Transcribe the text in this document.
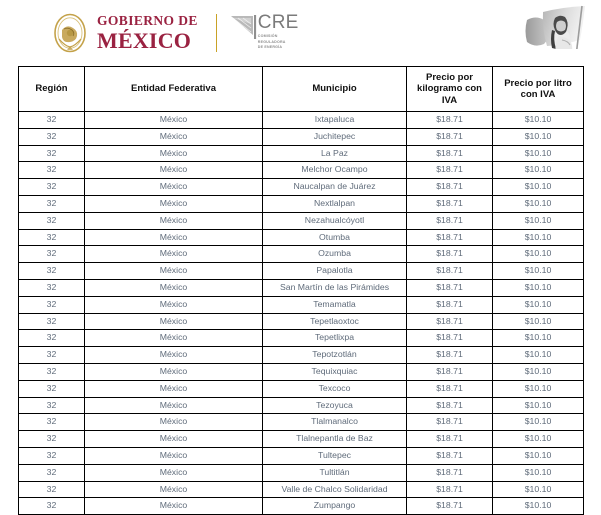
GOBIERNO DE
MÉXICO
CRE
COMISIÓN
REGULADORA
DE ENERGÍA
Región	Entidad Federativa	Municipio	Precio por kilogramo con IVA	Precio por litro con IVA
32	México	Ixtapaluca	$18.71	$10.10
32	México	Juchitepec	$18.71	$10.10
32	México	La Paz	$18.71	$10.10
32	México	Melchor Ocampo	$18.71	$10.10
32	México	Naucalpan de Juárez	$18.71	$10.10
32	México	Nextlalpan	$18.71	$10.10
32	México	Nezahualcóyotl	$18.71	$10.10
32	México	Otumba	$18.71	$10.10
32	México	Ozumba	$18.71	$10.10
32	México	Papalotla	$18.71	$10.10
32	México	San Martín de las Pirámides	$18.71	$10.10
32	México	Temamatla	$18.71	$10.10
32	México	Tepetlaoxtoc	$18.71	$10.10
32	México	Tepetlixpa	$18.71	$10.10
32	México	Tepotzotlán	$18.71	$10.10
32	México	Tequixquiac	$18.71	$10.10
32	México	Texcoco	$18.71	$10.10
32	México	Tezoyuca	$18.71	$10.10
32	México	Tlalmanalco	$18.71	$10.10
32	México	Tlalnepantla de Baz	$18.71	$10.10
32	México	Tultepec	$18.71	$10.10
32	México	Tultitlán	$18.71	$10.10
32	México	Valle de Chalco Solidaridad	$18.71	$10.10
32	México	Zumpango	$18.71	$10.10
